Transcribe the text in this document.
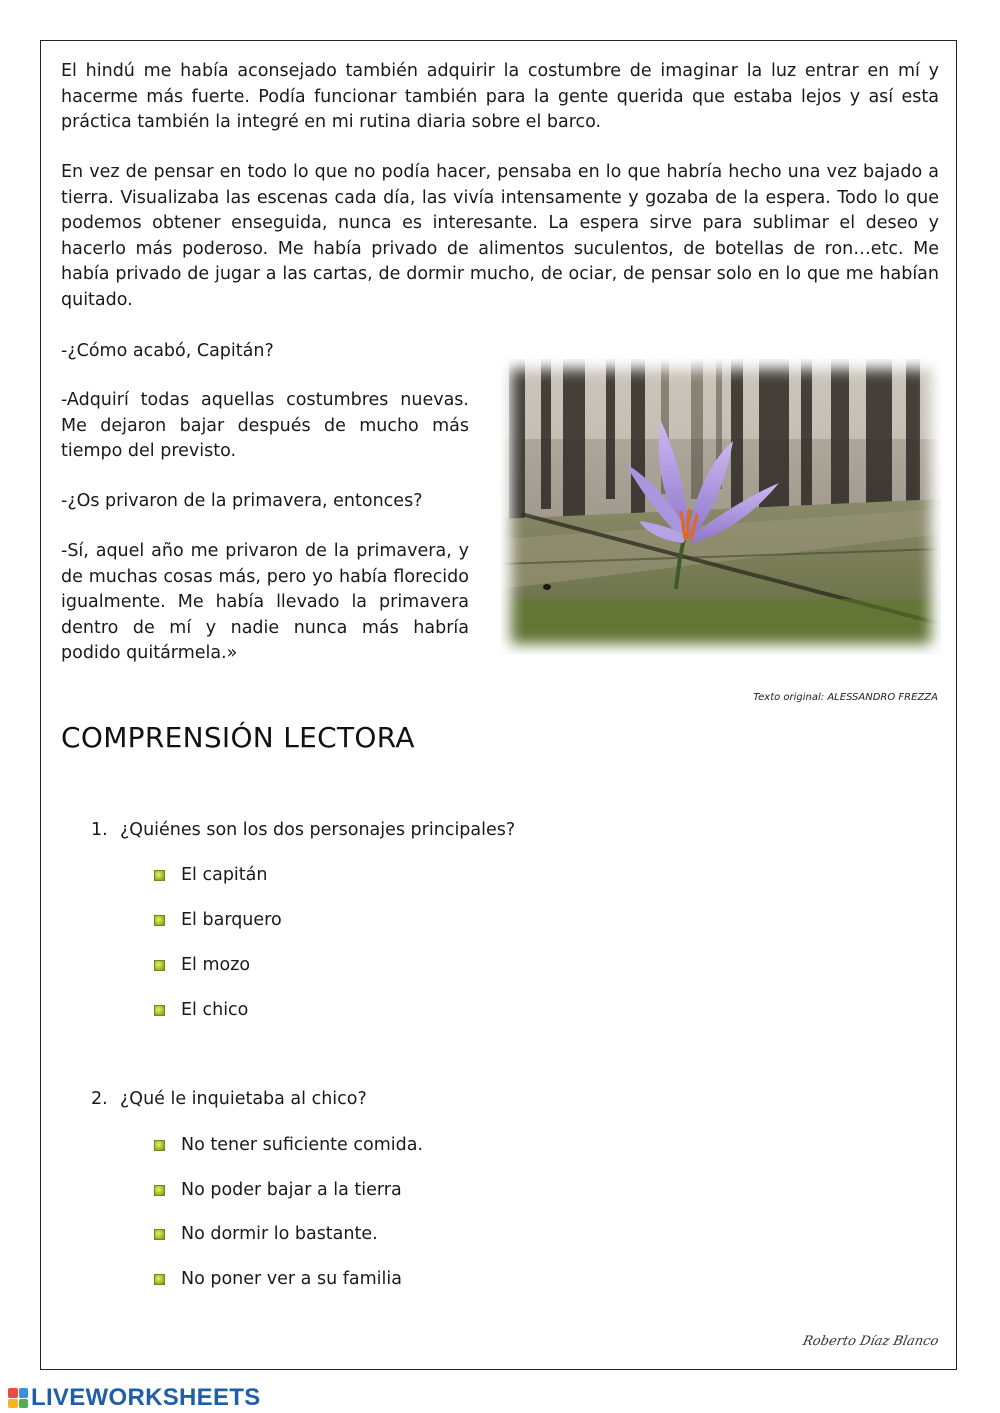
El hindú me había aconsejado también adquirir la costumbre de imaginar la luz entrar en mí y hacerme más fuerte. Podía funcionar también para la gente querida que estaba lejos y así esta práctica también la integré en mi rutina diaria sobre el barco.

En vez de pensar en todo lo que no podía hacer, pensaba en lo que habría hecho una vez bajado a tierra. Visualizaba las escenas cada día, las vivía intensamente y gozaba de la espera. Todo lo que podemos obtener enseguida, nunca es interesante. La espera sirve para sublimar el deseo y hacerlo más poderoso. Me había privado de alimentos suculentos, de botellas de ron…etc. Me había privado de jugar a las cartas, de dormir mucho, de ociar, de pensar solo en lo que me habían quitado.

-¿Cómo acabó, Capitán?

-Adquirí todas aquellas costumbres nuevas. Me dejaron bajar después de mucho más tiempo del previsto.

-¿Os privaron de la primavera, entonces?

-Sí, aquel año me privaron de la primavera, y de muchas cosas más, pero yo había florecido igualmente. Me había llevado la primavera dentro de mí y nadie nunca más habría podido quitármela.»

Texto original: ALESSANDRO FREZZA
COMPRENSIÓN LECTORA
1. ¿Quiénes son los dos personajes principales?
El capitán
El barquero
El mozo
El chico
2. ¿Qué le inquietaba al chico?
No tener suficiente comida.
No poder bajar a la tierra
No dormir lo bastante.
No poner ver a su familia
Roberto Díaz Blanco
LIVEWORKSHEETS
